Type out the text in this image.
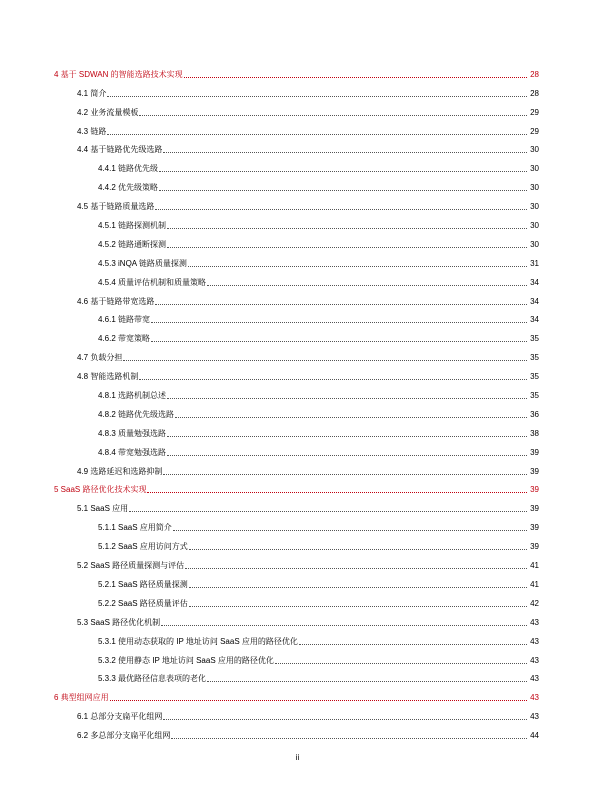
4 基于 SDWAN 的智能选路技术实现	28
4.1 简介	28
4.2 业务流量模板	29
4.3 链路	29
4.4 基于链路优先级选路	30
4.4.1 链路优先级	30
4.4.2 优先级策略	30
4.5 基于链路质量选路	30
4.5.1 链路探测机制	30
4.5.2 链路通断探测	30
4.5.3 iNQA 链路质量探测	31
4.5.4 质量评估机制和质量策略	34
4.6 基于链路带宽选路	34
4.6.1 链路带宽	34
4.6.2 带宽策略	35
4.7 负载分担	35
4.8 智能选路机制	35
4.8.1 选路机制总述	35
4.8.2 链路优先级选路	36
4.8.3 质量勉强选路	38
4.8.4 带宽勉强选路	39
4.9 选路延迟和选路抑制	39
5 SaaS 路径优化技术实现	39
5.1 SaaS 应用	39
5.1.1 SaaS 应用简介	39
5.1.2 SaaS 应用访问方式	39
5.2 SaaS 路径质量探测与评估	41
5.2.1 SaaS 路径质量探测	41
5.2.2 SaaS 路径质量评估	42
5.3 SaaS 路径优化机制	43
5.3.1 使用动态获取的 IP 地址访问 SaaS 应用的路径优化	43
5.3.2 使用静态 IP 地址访问 SaaS 应用的路径优化	43
5.3.3 最优路径信息表项的老化	43
6 典型组网应用	43
6.1 总部分支扁平化组网	43
6.2 多总部分支扁平化组网	44
ii
